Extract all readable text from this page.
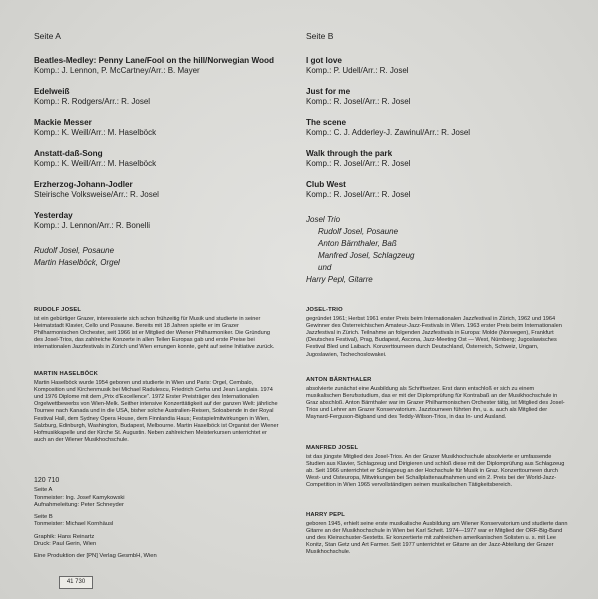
Seite A
Beatles-Medley: Penny Lane/Fool on the hill/Norwegian Wood
Komp.: J. Lennon, P. McCartney/Arr.: B. Mayer
Edelweiß
Komp.: R. Rodgers/Arr.: R. Josel
Mackie Messer
Komp.: K. Weill/Arr.: M. Haselböck
Anstatt-daß-Song
Komp.: K. Weill/Arr.: M. Haselböck
Erzherzog-Johann-Jodler
Steirische Volksweise/Arr.: R. Josel
Yesterday
Komp.: J. Lennon/Arr.: R. Bonelli
Rudolf Josel, Posaune
Martin Haselböck, Orgel
Seite B
I got love
Komp.: P. Udell/Arr.: R. Josel
Just for me
Komp.: R. Josel/Arr.: R. Josel
The scene
Komp.: C. J. Adderley-J. Zawinul/Arr.: R. Josel
Walk through the park
Komp.: R. Josel/Arr.: R. Josel
Club West
Komp.: R. Josel/Arr.: R. Josel
Josel Trio
Rudolf Josel, Posaune
Anton Bärnthaler, Baß
Manfred Josel, Schlagzeug
und
Harry Pepl, Gitarre
RUDOLF JOSEL

ist ein gebürtiger Grazer, interessierte sich schon frühzeitig für Musik und studierte in seiner Heimatstadt Klavier, Cello und Posaune. Bereits mit 18 Jahren spielte er im Grazer Philharmonischen Orchester, seit 1966 ist er Mitglied der Wiener Philharmoniker. Die Gründung des Josel-Trios, das zahlreiche Konzerte in allen Teilen Europas gab und erste Preise bei internationalen Jazzfestivals in Zürich und Wien errungen konnte, geht auf seine Initiative zurück.

MARTIN HASELBÖCK

Martin Haselböck wurde 1954 geboren und studierte in Wien und Paris: Orgel, Cembalo, Komposition und Kirchenmusik bei Michael Radulescu, Friedrich Cerha und Jean Langlais. 1974 und 1976 Diplome mit dem „Prix d’Excellence“. 1972 Erster Preisträger des Internationalen Orgelwettbewerbs von Wien-Melk. Seither intensive Konzerttätigkeit auf der ganzen Welt: jährliche Tournee nach Kanada und in die USA, bisher solche Australien-Reisen, Soloabende in der Royal Festival Hall, dem Sydney Opera House, dem Finnlandia Haus; Festspielmitwirkungen in Wien, Salzburg, Edinburgh, Washington, Budapest, Melbourne. Martin Haselböck ist Organist der Wiener Hofmusikkapelle und der Kirche St. Augustin. Neben zahlreichen Meisterkursen unterrichtet er auch an der Wiener Musikhochschule.

120 710
Seite A
Tonmeister: Ing. Josef Kamykowski
Aufnahmeleitung: Peter Schneyder
Seite B
Tonmeister: Michael Kornhäusl
Graphik: Hans Reinartz
Druck: Paul Gerin, Wien
Eine Produktion der [PN] Verlag GesmbH, Wien
41 730
JOSEL-TRIO

gegründet 1961; Herbst 1961 erster Preis beim Internationalen Jazzfestival in Zürich, 1962 und 1964 Gewinner des Österreichischen Amateur-Jazz-Festivals in Wien. 1963 erster Preis beim Internationalen Jazzfestival in Zürich. Teilnahme an folgenden Jazzfestivals in Europa: Molde (Norwegen), Frankfurt (Deutsches Festival), Prag, Budapest, Ascona, Jazz-Meeting Ost — West, Nürnberg; Jugoslawisches Festival Bled und Laibach. Konzerttourneen durch Deutschland, Österreich, Schweiz, Ungarn, Jugoslawien, Tschechoslowakei.

ANTON BÄRNTHALER

absolvierte zunächst eine Ausbildung als Schriftsetzer. Erst dann entschloß er sich zu einem musikalischen Berufsstudium, das er mit der Diplomprüfung für Kontrabaß an der Musikhochschule in Graz abschloß. Anton Bärnthaler war im Grazer Philharmonischen Orchester tätig, ist Mitglied des Josel-Trios und Lehrer am Grazer Konservatorium. Jazztourneen führten ihn, u. a. auch als Mitglied der Maynard-Ferguson-Bigband und des Teddy-Wilson-Trios, in das In- und Ausland.

MANFRED JOSEL

ist das jüngste Mitglied des Josel-Trios. An der Grazer Musikhochschule absolvierte er umfassende Studien aus Klavier, Schlagzeug und Dirigieren und schloß diese mit der Diplomprüfung aus Schlagzeug ab. Seit 1966 unterrichtet er Schlagzeug an der Hochschule für Musik in Graz. Konzerttourneen durch West- und Osteuropa, Mitwirkungen bei Schallplattenaufnahmen und ein 2. Preis bei der World-Jazz-Competition in Wien 1965 vervollständigen seinen musikalischen Tätigkeitsbereich.

HARRY PEPL

geboren 1945, erhielt seine erste musikalische Ausbildung am Wiener Konservatorium und studierte dann Gitarre an der Musikhochschule in Wien bei Karl Scheit. 1974—1977 war er Mitglied der ORF-Big-Band und des Kleinschuster-Sextetts. Er konzertierte mit zahlreichen amerikanischen Solisten u. s. mit Lee Konitz, Stan Getz und Art Farmer. Seit 1977 unterrichtet er Gitarre an der Jazz-Abteilung der Grazer Musikhochschule.
